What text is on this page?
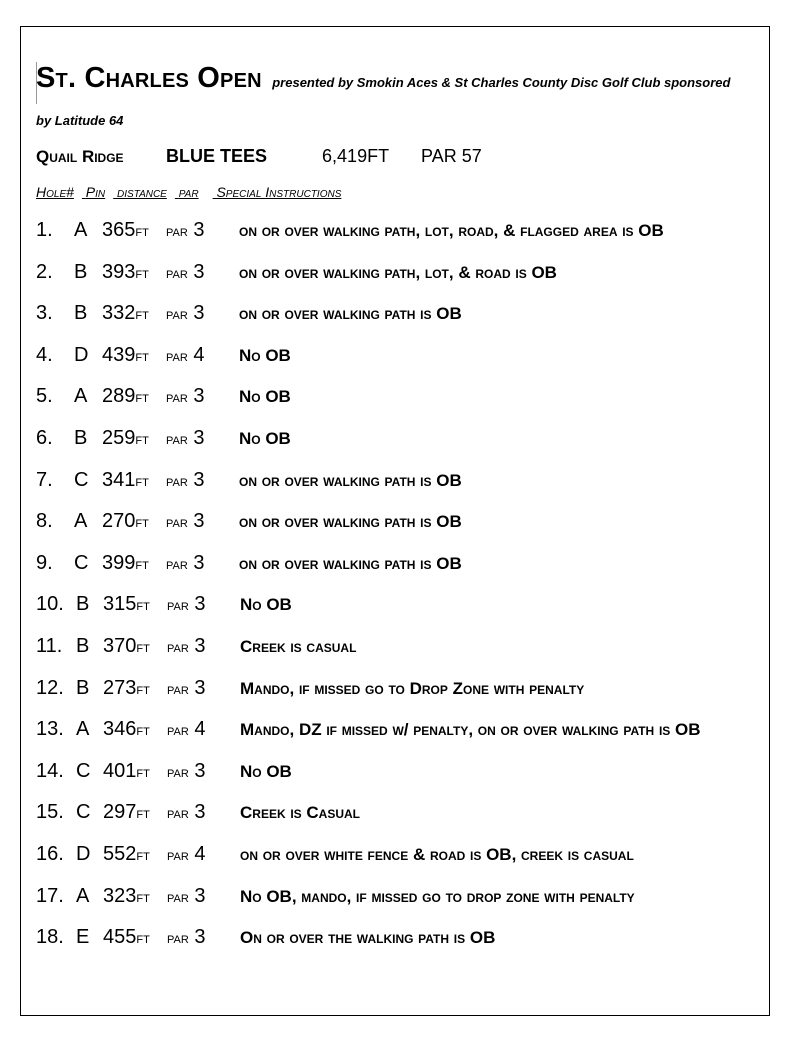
St. Charles Open presented by Smokin Aces & St Charles County Disc Golf Club sponsored
by Latitude 64
Quail Ridge BLUE TEES	6,419FT PAR 57
Hole# Pin distance par Special Instructions
1. A 365ft par 3 on or over walking path, lot, road, & flagged area is OB
2. B 393ft par 3 on or over walking path, lot, & road is OB
3. B 332ft par 3 on or over walking path is OB
4. D 439ft par 4 No OB
5. A 289ft par 3 No OB
6. B 259ft par 3 No OB
7. C 341ft par 3 on or over walking path is OB
8. A 270ft par 3 on or over walking path is OB
9. C 399ft par 3 on or over walking path is OB
10. B 315ft par 3 No OB
11. B 370ft par 3 Creek is casual
12. B 273ft par 3 Mando, if missed go to Drop Zone with penalty
13. A 346ft par 4 Mando, DZ if missed w/ penalty, on or over walking path is OB
14. C 401ft par 3 No OB
15. C 297ft par 3 Creek is Casual
16. D 552ft par 4 on or over white fence & road is OB, creek is casual
17. A 323ft par 3 No OB, mando, if missed go to drop zone with penalty
18. E 455ft par 3 On or over the walking path is OB
